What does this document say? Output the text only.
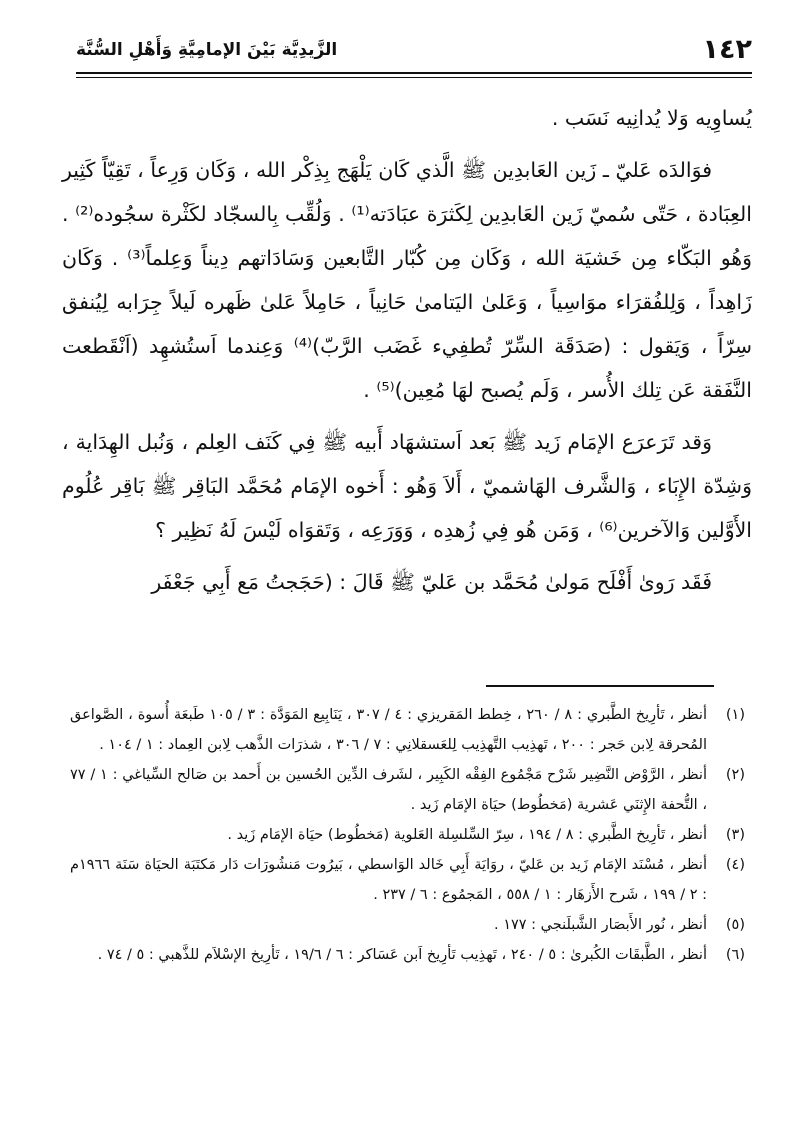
١٤٢
الزَّيدِيَّة بَيْنَ الإمامِيَّةِ وَأَهْلِ السُّنَّة

يُساوِيه وَلا يُدانِيه نَسَب .

فوَالدَه عَليّ ـ زَين العَابدِين ﷺ الَّذي كَان يَلْهَج بِذِكْر الله ، وَكَان وَرِعاً ، تَقِيّاً كَثِير العِبَادة ، حَتّى سُميّ زَين العَابدِين لِكَثرَة عبَادَته⁽¹⁾ . وَلُقِّب بِالسجّاد لكَثْرة سجُوده⁽²⁾ . وَهُو البَكّاء مِن خَشيَة الله ، وَكَان مِن كُبّار التَّابعين وَسَادَاتهم دِيناً وَعِلماً⁽³⁾ . وَكَان زَاهِداً ، وَلِلفُقرَاء موَاسِياً ، وَعَلىٰ اليَتامىٰ حَانِياً ، حَامِلاً عَلىٰ ظَهره لَيلاً جِرَابه لِيُنفق سِرّاً ، وَيَقول : (صَدَقَة السِّرّ تُطفِيء غَضَب الرَّبّ)⁽⁴⁾ وَعِندما اَستُشهِد (اَنْقَطعت النَّفَقة عَن تِلك الأُسر ، وَلَم يُصبح لهَا مُعِين)⁽⁵⁾ .

وَقد تَرَعرَع الإمَام زَيد ﷺ بَعد اَستشهَاد أَبيه ﷺ فِي كَنَف العِلم ، وَنُبل الهِدَاية ، وَشِدّة الإِبَاء ، وَالشَّرف الهَاشميّ ، أَلاَ وَهُو : أَخوه الإمَام مُحَمَّد البَاقِر ﷺ بَاقِر عُلُوم الأَوَّلين وَالآخرين⁽⁶⁾ ، وَمَن هُو فِي زُهدِه ، وَوَرَعِه ، وَتَقوَاه لَيْسَ لَهُ نَظِير ؟

فَقَد رَوىٰ أَفْلَح مَولىٰ مُحَمَّد بن عَليّ ﷺ قَالَ : (حَجَجتُ مَع أَبِي جَعْفَر

(١)
أنظر ، تَأرِيخ الطَّبري : ٨ / ٢٦٠ ، خِطط المَقريزي : ٤ / ٣٠٧ ، يَنَابِيع المَوَدَّة : ٣ / ١٠٥ طَبعَة أُسوة ، الصَّواعق المُحرقة لِابن حَجر : ٢٠٠ ، تَهذِيب التَّهذِيب لِلعَسقلانِي : ٧ / ٣٠٦ ، شذرَات الذَّهب لِابن العِماد : ١ / ١٠٤ .
(٢)
أنظر ، الرَّوْض النَّضِير شَرْح مَجْمُوع الفِقْه الكَبِير ، لشَرف الدِّين الحُسين بن أَحمد بن صَالح السِّياغي : ١ / ٧٧ ، التُّحفة الإِثنَي عَشرية (مَخطُوط) حيَاة الإمَام زَيد .
(٣)
أنظر ، تَأرِيخ الطَّبري : ٨ / ١٩٤ ، سِرّ السِّلسِلة العَلوية (مَخطُوط) حيَاة الإمَام زَيد .
(٤)
أنظر ، مُسْنَد الإمَام زَيد بن عَليّ ، روَايَة أَبِي خَالد الوَاسطي ، بَيرُوت مَنشُورَات دَار مَكتَبَة الحيَاة سَنَة ١٩٦٦م : ٢ / ١٩٩ ، شَرح الأَزهَار : ١ / ٥٥٨ ، المَجمُوع : ٦ / ٢٣٧ .
(٥)
أنظر ، نُور الأَبصَار الشَّبلَنجي : ١٧٧ .
(٦)
أنظر ، الطَّبقَات الكُبرىٰ : ٥ / ٢٤٠ ، تَهذِيب تَأرِيخ اَبن عَسَاكر : ٦ / ١٩/٦ ، تَأرِيخ الإسْلاَم للذَّهبي : ٥ / ٧٤ .
